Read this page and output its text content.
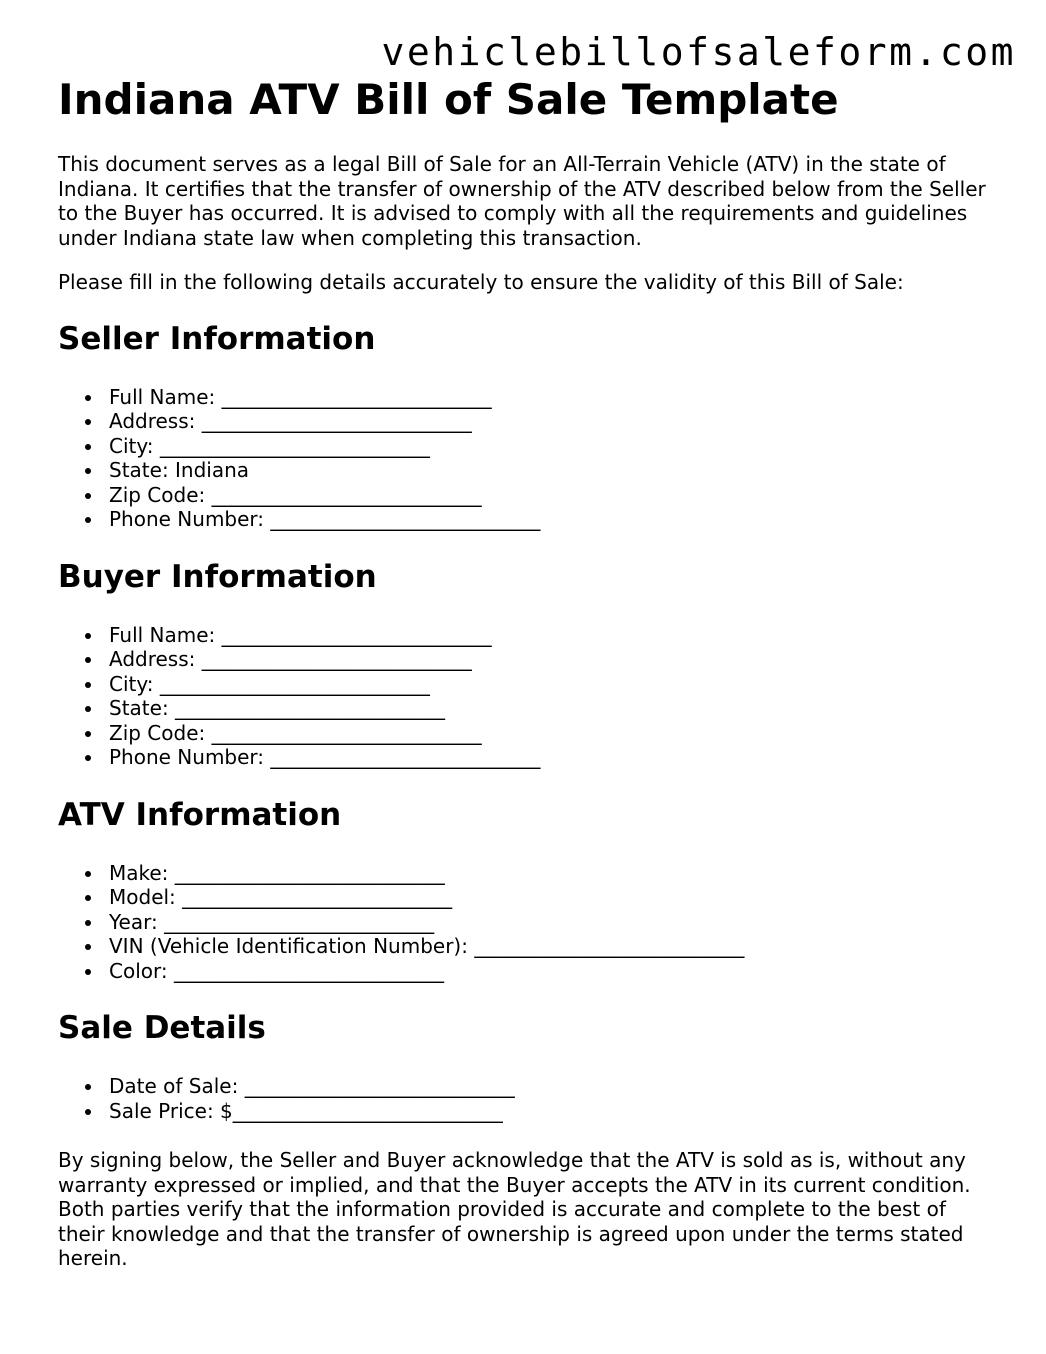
vehiclebillofsaleform.com
Indiana ATV Bill of Sale Template

This document serves as a legal Bill of Sale for an All-Terrain Vehicle (ATV) in the state of Indiana. It certifies that the transfer of ownership of the ATV described below from the Seller to the Buyer has occurred. It is advised to comply with all the requirements and guidelines under Indiana state law when completing this transaction.

Please fill in the following details accurately to ensure the validity of this Bill of Sale:

Seller Information
Full Name: ___________________________
Address: ___________________________
City: ___________________________
State: Indiana
Zip Code: ___________________________
Phone Number: ___________________________
Buyer Information
Full Name: ___________________________
Address: ___________________________
City: ___________________________
State: ___________________________
Zip Code: ___________________________
Phone Number: ___________________________
ATV Information
Make: ___________________________
Model: ___________________________
Year: ___________________________
VIN (Vehicle Identification Number): ___________________________
Color: ___________________________
Sale Details
Date of Sale: ___________________________
Sale Price: $___________________________

By signing below, the Seller and Buyer acknowledge that the ATV is sold as is, without any warranty expressed or implied, and that the Buyer accepts the ATV in its current condition. Both parties verify that the information provided is accurate and complete to the best of their knowledge and that the transfer of ownership is agreed upon under the terms stated herein.
